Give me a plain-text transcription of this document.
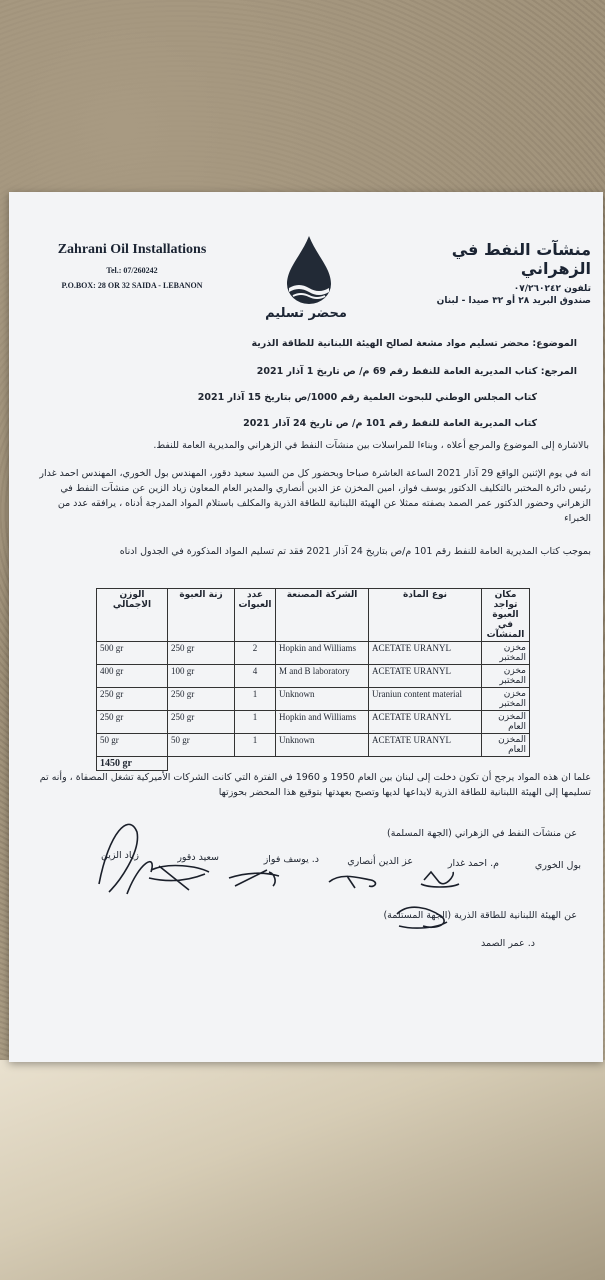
Zahrani Oil Installations
Tel.: 07/260242
P.O.BOX: 28 OR 32 SAIDA - LEBANON
محضر تسليم
منشآت النفط في الزهراني
تلفون ٠٧/٢٦٠٢٤٢
صندوق البريد ٢٨ أو ٣٢ صيدا - لبنان
الموضوع: محضر تسليم مواد مشعة لصالح الهيئة اللبنانية للطاقة الذرية
المرجع: كتاب المديرية العامة للنفط رقم 69 م/ ص تاريخ 1 آذار 2021
كتاب المجلس الوطني للبحوث العلمية رقم 1000/ص بتاريخ 15 آذار 2021
كتاب المديرية العامة للنفط رقم 101 م/ ص تاريخ 24 آذار 2021
بالاشارة إلى الموضوع والمرجع أعلاه ، وبناءا للمراسلات بين منشآت النفط في الزهراني والمديرية العامة للنفط.
انه في يوم الإثنين الواقع 29 آذار 2021 الساعة العاشرة صباحا وبحضور كل من السيد سعيد دقور، المهندس بول الخوري، المهندس احمد غدار رئيس دائرة المختبر بالتكليف الدكتور يوسف فواز، امين المخزن عز الدين أنصاري والمدير العام المعاون زياد الزين عن منشآت النفط في الزهراني وحضور الدكتور عمر الصمد بصفته ممثلا عن الهيئة اللبنانية للطاقة الذرية والمكلف باستلام المواد المدرجة أدناه ، يرافقه عدد من الخبراء
بموجب كتاب المديرية العامة للنفط رقم 101 م/ص بتاريخ 24 آذار 2021 فقد تم تسليم المواد المذكورة في الجدول ادناه
الوزن الاجمالي	زنة العبوة	عدد العبوات	الشركة المصنعة	نوع المادة	مكان تواجد العبوة في المنشآت
500 gr	250 gr	2	Hopkin and Williams	ACETATE URANYL	مخزن المختبر
400 gr	100 gr	4	M and B laboratory	ACETATE URANYL	مخزن المختبر
250 gr	250 gr	1	Unknown	Uraniun content material	مخزن المختبر
250 gr	250 gr	1	Hopkin and Williams	ACETATE URANYL	المخزن العام
50 gr	50 gr	1	Unknown	ACETATE URANYL	المخزن العام
1450 gr					
علما ان هذه المواد يرجح أن تكون دخلت إلى لبنان بين العام 1950 و 1960 في الفترة التي كانت الشركات الأميركية تشغل المصفاة ، وأنه تم تسليمها إلى الهيئة اللبنانية للطاقة الذرية لايداعها لديها وتصبح بعهدتها بتوقيع هذا المحضر بحوزتها
عن منشآت النفط في الزهراني (الجهة المسلمة)
بول الخوري
م. احمد غدار
عز الدين أنصاري
د. يوسف فواز
سعيد دقور
زياد الزين
عن الهيئة اللبنانية للطاقة الذرية (الجهة المستلمة)
د. عمر الصمد
